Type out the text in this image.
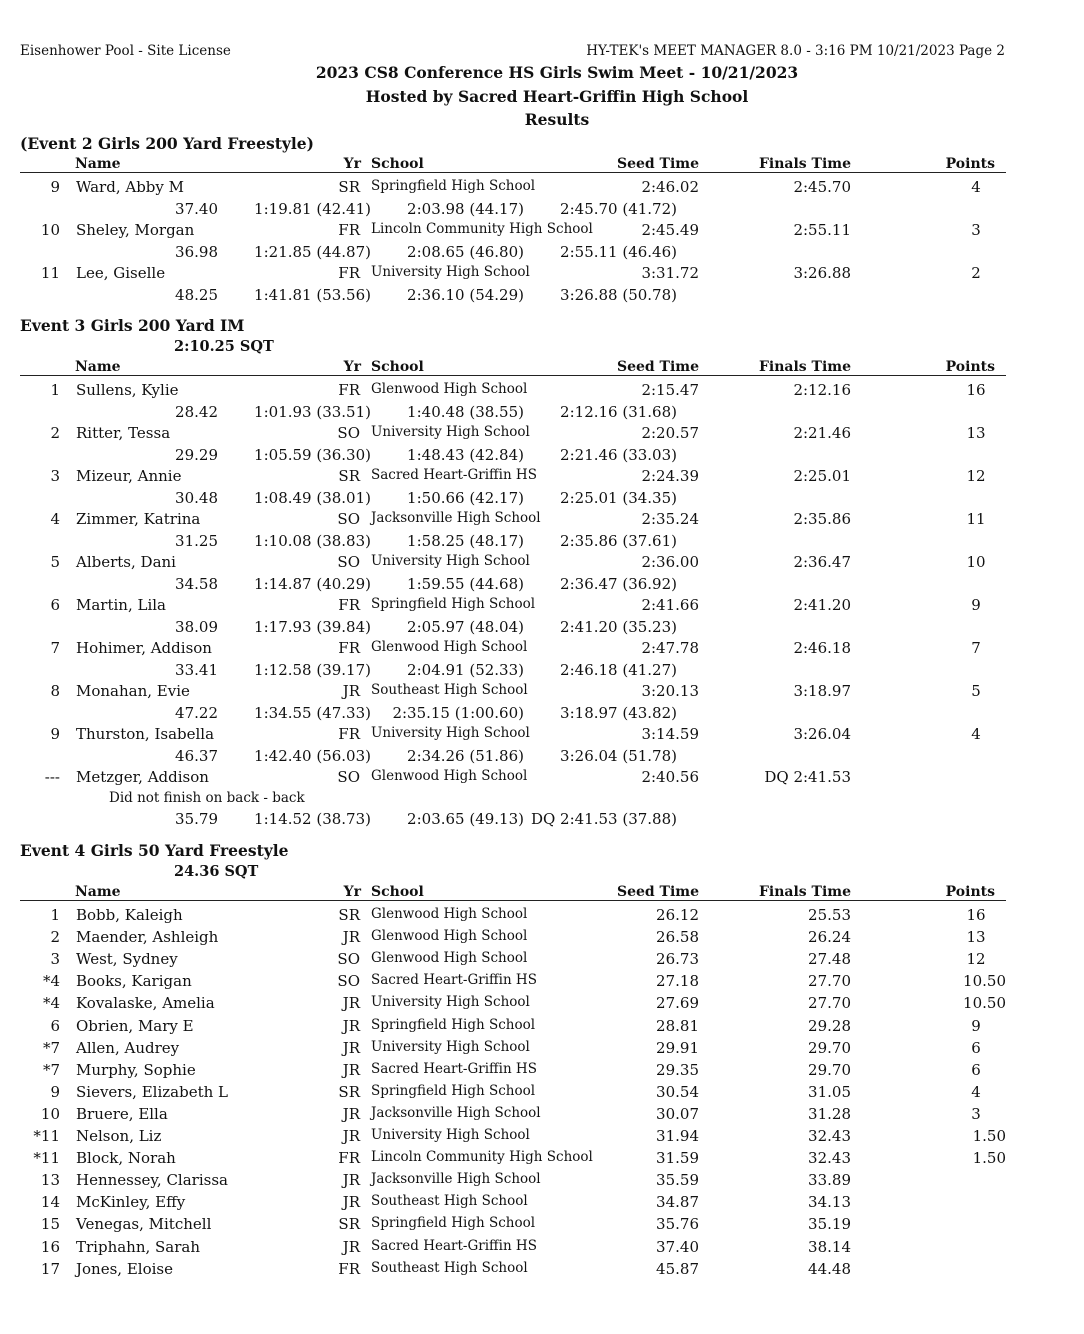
Eisenhower Pool - Site License	HY-TEK's MEET MANAGER 8.0 - 3:16 PM 10/21/2023 Page 2
2023 CS8 Conference HS Girls Swim Meet - 10/21/2023
Hosted by Sacred Heart-Griffin High School
Results
(Event 2 Girls 200 Yard Freestyle)
Name	Yr School	Seed Time	Finals Time	Points
9 Ward, Abby M	SR Springfield High School	2:46.02	2:45.70	4
37.40 1:19.81 (42.41) 2:03.98 (44.17) 2:45.70 (41.72)
10 Sheley, Morgan	FR Lincoln Community High School	2:45.49	2:55.11	3
36.98 1:21.85 (44.87) 2:08.65 (46.80) 2:55.11 (46.46)
11 Lee, Giselle	FR University High School	3:31.72	3:26.88	2
48.25 1:41.81 (53.56) 2:36.10 (54.29) 3:26.88 (50.78)
Event 3 Girls 200 Yard IM
2:10.25 SQT
Name	Yr School	Seed Time	Finals Time	Points
1 Sullens, Kylie	FR Glenwood High School	2:15.47	2:12.16	16
28.42 1:01.93 (33.51) 1:40.48 (38.55) 2:12.16 (31.68)
2 Ritter, Tessa	SO University High School	2:20.57	2:21.46	13
29.29 1:05.59 (36.30) 1:48.43 (42.84) 2:21.46 (33.03)
3 Mizeur, Annie	SR Sacred Heart-Griffin HS	2:24.39	2:25.01	12
30.48 1:08.49 (38.01) 1:50.66 (42.17) 2:25.01 (34.35)
4 Zimmer, Katrina	SO Jacksonville High School	2:35.24	2:35.86	11
31.25 1:10.08 (38.83) 1:58.25 (48.17) 2:35.86 (37.61)
5 Alberts, Dani	SO University High School	2:36.00	2:36.47	10
34.58 1:14.87 (40.29) 1:59.55 (44.68) 2:36.47 (36.92)
6 Martin, Lila	FR Springfield High School	2:41.66	2:41.20	9
38.09 1:17.93 (39.84) 2:05.97 (48.04) 2:41.20 (35.23)
7 Hohimer, Addison	FR Glenwood High School	2:47.78	2:46.18	7
33.41 1:12.58 (39.17) 2:04.91 (52.33) 2:46.18 (41.27)
8 Monahan, Evie	JR Southeast High School	3:20.13	3:18.97	5
47.22 1:34.55 (47.33) 2:35.15 (1:00.60) 3:18.97 (43.82)
9 Thurston, Isabella	FR University High School	3:14.59	3:26.04	4
46.37 1:42.40 (56.03) 2:34.26 (51.86) 3:26.04 (51.78)
--- Metzger, Addison	SO Glenwood High School	2:40.56	DQ 2:41.53
Did not finish on back - back
35.79 1:14.52 (38.73) 2:03.65 (49.13) DQ 2:41.53 (37.88)
Event 4 Girls 50 Yard Freestyle
24.36 SQT
Name	Yr School	Seed Time	Finals Time	Points
1 Bobb, Kaleigh	SR Glenwood High School	26.12	25.53	16
2 Maender, Ashleigh	JR Glenwood High School	26.58	26.24	13
3 West, Sydney	SO Glenwood High School	26.73	27.48	12
*4 Books, Karigan	SO Sacred Heart-Griffin HS	27.18	27.70	10.50
*4 Kovalaske, Amelia	JR University High School	27.69	27.70	10.50
6 Obrien, Mary E	JR Springfield High School	28.81	29.28	9
*7 Allen, Audrey	JR University High School	29.91	29.70	6
*7 Murphy, Sophie	JR Sacred Heart-Griffin HS	29.35	29.70	6
9 Sievers, Elizabeth L	SR Springfield High School	30.54	31.05	4
10 Bruere, Ella	JR Jacksonville High School	30.07	31.28	3
*11 Nelson, Liz	JR University High School	31.94	32.43	1.50
*11 Block, Norah	FR Lincoln Community High School	31.59	32.43	1.50
13 Hennessey, Clarissa	JR Jacksonville High School	35.59	33.89
14 McKinley, Effy	JR Southeast High School	34.87	34.13
15 Venegas, Mitchell	SR Springfield High School	35.76	35.19
16 Triphahn, Sarah	JR Sacred Heart-Griffin HS	37.40	38.14
17 Jones, Eloise	FR Southeast High School	45.87	44.48
